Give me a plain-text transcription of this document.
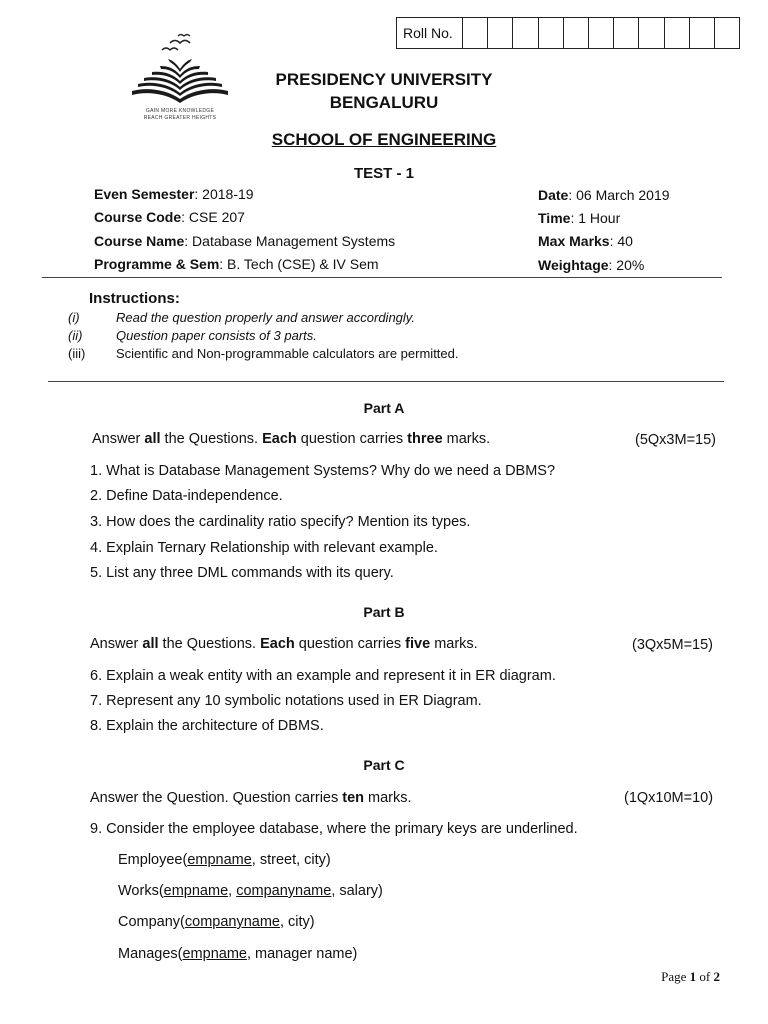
Roll No.
GAIN MORE KNOWLEDGE
REACH GREATER HEIGHTS
PRESIDENCY UNIVERSITY
BENGALURU
SCHOOL OF ENGINEERING
TEST - 1
Even Semester: 2018-19
Course Code: CSE 207
Course Name: Database Management Systems
Programme & Sem: B. Tech (CSE) & IV Sem
Date: 06 March 2019
Time: 1 Hour
Max Marks: 40
Weightage: 20%
Instructions:
(i)	Read the question properly and answer accordingly.
(ii)	Question paper consists of 3 parts.
(iii) Scientific and Non-programmable calculators are permitted.
Part A
Answer all the Questions. Each question carries three marks.	(5Qx3M=15)
1. What is Database Management Systems? Why do we need a DBMS?
2. Define Data-independence.
3. How does the cardinality ratio specify? Mention its types.
4. Explain Ternary Relationship with relevant example.
5. List any three DML commands with its query.
Part B
Answer all the Questions. Each question carries five marks.	(3Qx5M=15)
6. Explain a weak entity with an example and represent it in ER diagram.
7. Represent any 10 symbolic notations used in ER Diagram.
8. Explain the architecture of DBMS.
Part C
Answer the Question. Question carries ten marks.	(1Qx10M=10)
9. Consider the employee database, where the primary keys are underlined.
Employee(empname, street, city)
Works(empname, companyname, salary)
Company(companyname, city)
Manages(empname, manager name)
Page 1 of 2
